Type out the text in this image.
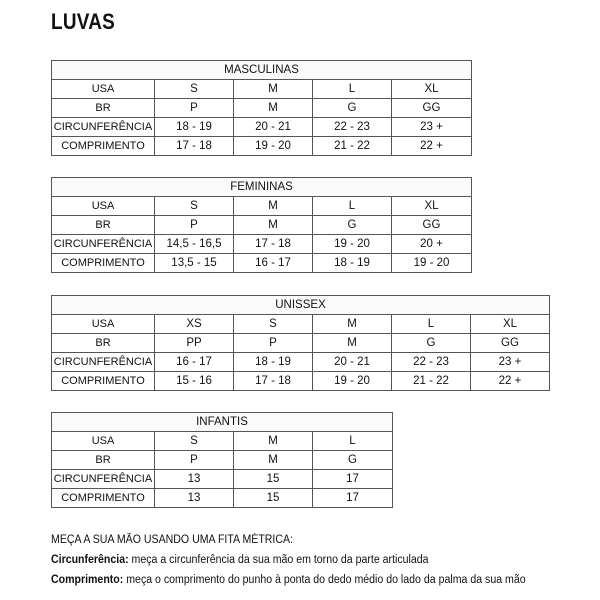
LUVAS
MASCULINAS				
USA	S	M	L	XL
BR	P	M	G	GG
CIRCUNFERÊNCIA	18 - 19	20 - 21	22 - 23	23 +
COMPRIMENTO	17 - 18	19 - 20	21 - 22	22 +
FEMININAS				
USA	S	M	L	XL
BR	P	M	G	GG
CIRCUNFERÊNCIA	14,5 - 16,5	17 - 18	19 - 20	20 +
COMPRIMENTO	13,5 - 15	16 - 17	18 - 19	19 - 20
UNISSEX					
USA	XS	S	M	L	XL
BR	PP	P	M	G	GG
CIRCUNFERÊNCIA	16 - 17	18 - 19	20 - 21	22 - 23	23 +
COMPRIMENTO	15 - 16	17 - 18	19 - 20	21 - 22	22 +
INFANTIS			
USA	S	M	L
BR	P	M	G
CIRCUNFERÊNCIA	13	15	17
COMPRIMENTO	13	15	17
MEÇA A SUA MÃO USANDO UMA FITA MÉTRICA:
Circunferência: meça a circunferência da sua mão em torno da parte articulada
Comprimento: meça o comprimento do punho à ponta do dedo médio do lado da palma da sua mão
